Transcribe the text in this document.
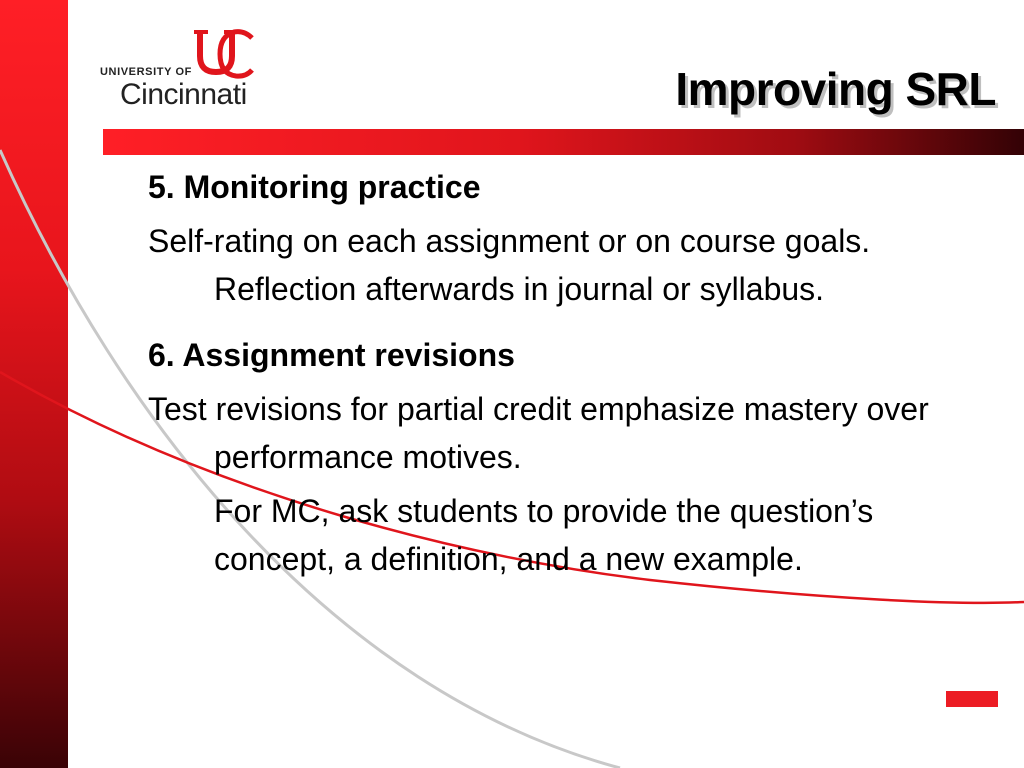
UNIVERSITY OF
Cincinnati	Improving SRL

5. Monitoring practice

Self-rating on each assignment or on course goals. Reflection afterwards in journal or syllabus.

6. Assignment revisions

Test revisions for partial credit emphasize mastery over performance motives.

For MC, ask students to provide the question’s concept, a definition, and a new example.
